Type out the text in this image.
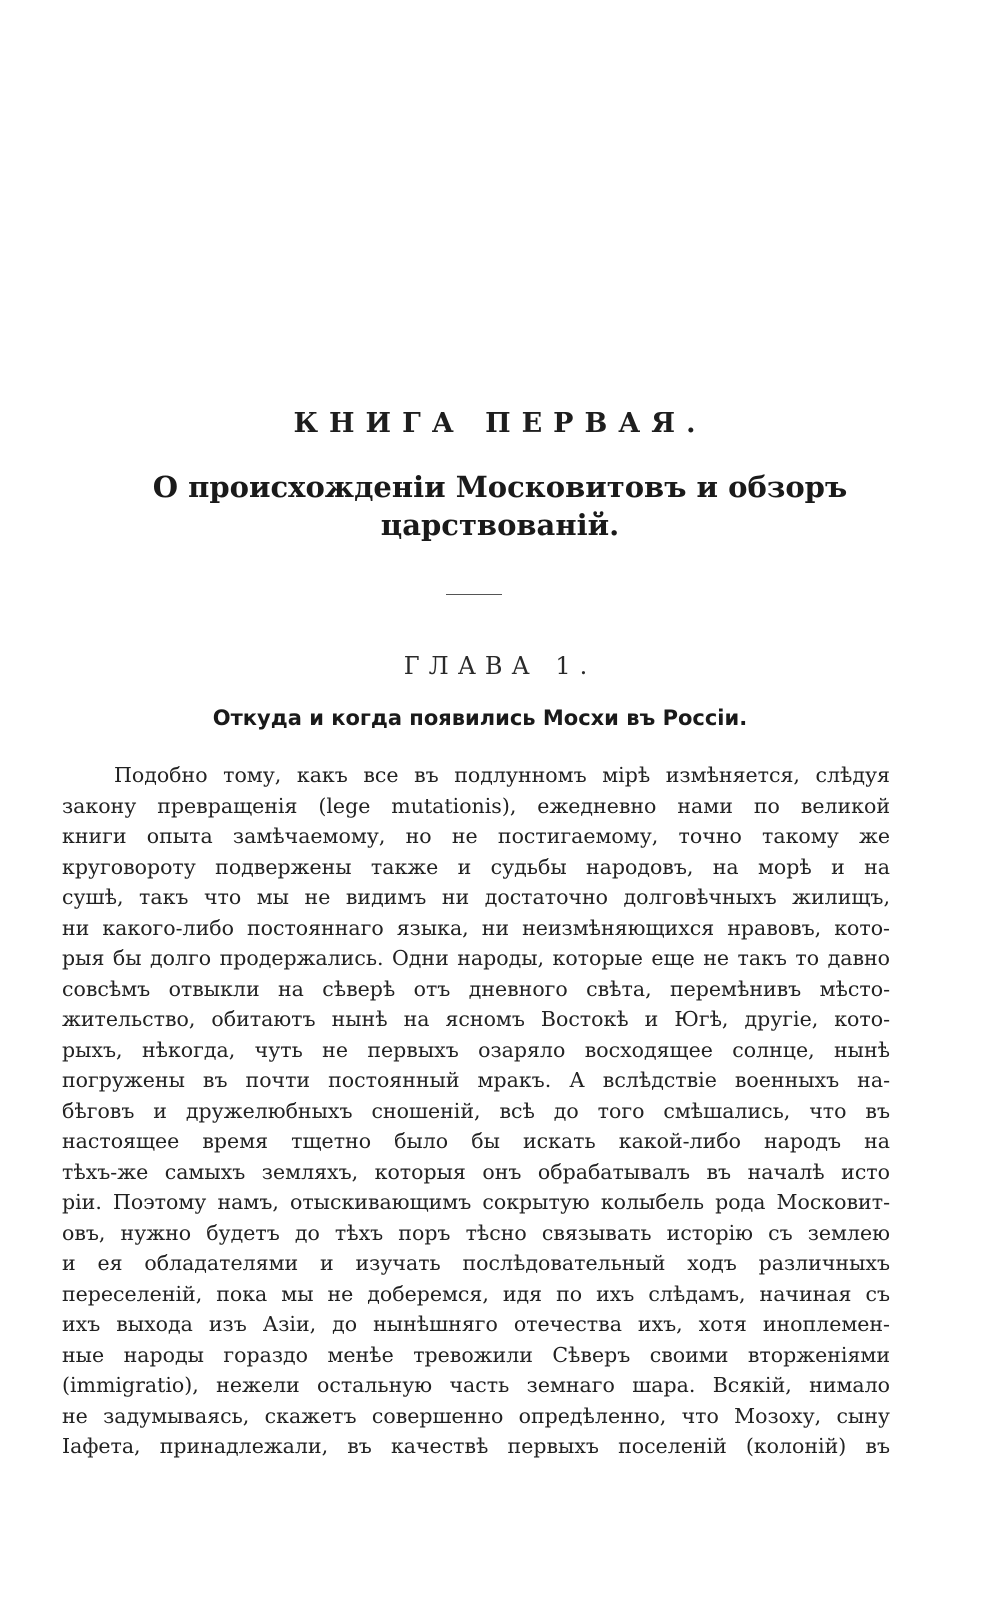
КНИГА ПЕРВАЯ.
О происхожденіи Московитовъ и обзоръ
царствованій.
ГЛАВА 1.
Откуда и когда появились Мосхи въ Россіи.
Подобно тому, какъ все въ подлунномъ мірѣ измѣняется, слѣдуя
закону превращенія (lege mutationis), ежедневно нами по великой
книги опыта замѣчаемому, но не постигаемому, точно такому же
круговороту подвержены также и судьбы народовъ, на морѣ и на
сушѣ, такъ что мы не видимъ ни достаточно долговѣчныхъ жилищъ,
ни какого-либо постояннаго языка, ни неизмѣняющихся нравовъ, кото-
рыя бы долго продержались. Одни народы, которые еще не такъ то давно
совсѣмъ отвыкли на сѣверѣ отъ дневного свѣта, перемѣнивъ мѣсто-
жительство, обитаютъ нынѣ на ясномъ Востокѣ и Югѣ, другіе, кото-
рыхъ, нѣкогда, чуть не первыхъ озаряло восходящее солнце, нынѣ
погружены въ почти постоянный мракъ. А вслѣдствіе военныхъ на-
бѣговъ и дружелюбныхъ сношеній, всѣ до того смѣшались, что въ
настоящее время тщетно было бы искать какой-либо народъ на
тѣхъ-же самыхъ земляхъ, которыя онъ обрабатывалъ въ началѣ исто
ріи. Поэтому намъ, отыскивающимъ сокрытую колыбель рода Московит-
овъ, нужно будетъ до тѣхъ поръ тѣсно связывать исторію съ землею
и ея обладателями и изучать послѣдовательный ходъ различныхъ
переселеній, пока мы не доберемся, идя по ихъ слѣдамъ, начиная съ
ихъ выхода изъ Азіи, до нынѣшняго отечества ихъ, хотя иноплемен-
ные народы гораздо менѣе тревожили Сѣверъ своими вторженіями
(immigratio), нежели остальную часть земнаго шара. Всякій, нимало
не задумываясь, скажетъ совершенно опредѣленно, что Мозоху, сыну
Іафета, принадлежали, въ качествѣ первыхъ поселеній (колоній) въ
